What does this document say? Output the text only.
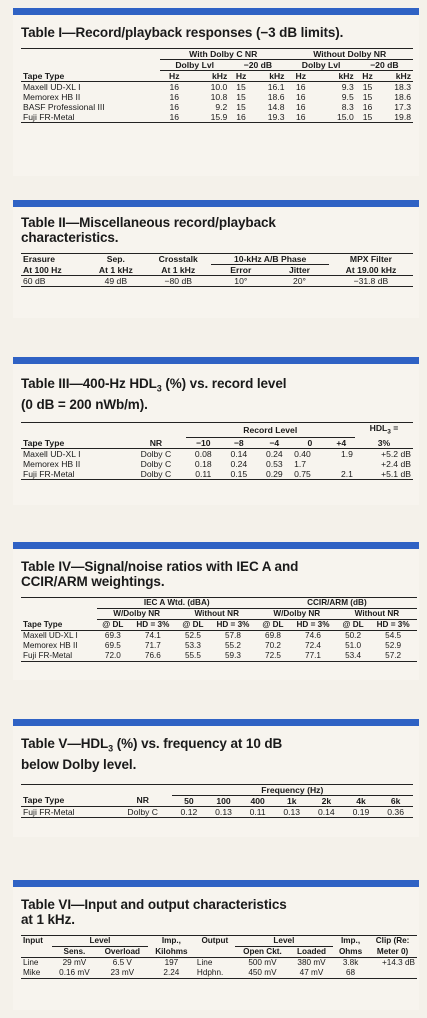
Table I—Record/playback responses (−3 dB limits).
	With Dolby C NR				Without Dolby NR			
	Dolby Lvl		−20 dB		Dolby Lvl		−20 dB	
Tape Type	Hz	kHz	Hz	kHz	Hz	kHz	Hz	kHz
Maxell UD-XL I	16	10.0	15	16.1	16	9.3	15	18.3
Memorex HB II	16	10.8	15	18.6	16	9.5	15	18.6
BASF Professional III	16	9.2	15	14.8	16	8.3	16	17.3
Fuji FR-Metal	16	15.9	16	19.3	16	15.0	15	19.8
Table II—Miscellaneous record/playback
characteristics.
Erasure	Sep.	Crosstalk	10-kHz A/B Phase		MPX Filter
At 100 Hz	At 1 kHz	At 1 kHz	Error	Jitter	At 19.00 kHz
60 dB	49 dB	−80 dB	10°	20°	−31.8 dB
Table III—400-Hz $HDL_3$ (%) vs. record level
(0 dB = 200 nWb/m).
		Record Level					$HDL_3$ =
Tape Type	NR	−10	−8	−4	0	+4	3%
Maxell UD-XL I	Dolby C	0.08	0.14	0.24	0.40	1.9	+5.2 dB
Memorex HB II	Dolby C	0.18	0.24	0.53	1.7		+2.4 dB
Fuji FR-Metal	Dolby C	0.11	0.15	0.29	0.75	2.1	+5.1 dB
Table IV—Signal/noise ratios with IEC A and
CCIR/ARM weightings.
	IEC A Wtd. (dBA)				CCIR/ARM (dB)			
	W/Dolby NR		Without NR		W/Dolby NR		Without NR	
Tape Type	@ DL	HD = 3%	@ DL	HD = 3%	@ DL	HD = 3%	@ DL	HD = 3%
Maxell UD-XL I	69.3	74.1	52.5	57.8	69.8	74.6	50.2	54.5
Memorex HB II	69.5	71.7	53.3	55.2	70.2	72.4	51.0	52.9
Fuji FR-Metal	72.0	76.6	55.5	59.3	72.5	77.1	53.4	57.2
Table $V—HDL_3$ (%) vs. frequency at 10 dB
below Dolby level.
		Frequency (Hz)						
Tape Type	NR	50	100	400	1k	2k	4k	6k
Fuji FR-Metal	Dolby C	0.12	0.13	0.11	0.13	0.14	0.19	0.36
Table VI—Input and output characteristics
at 1 kHz.
Input	Level		Imp.,	Output	Level		Imp.,	Clip (Re:
	Sens.	Overload	Kilohms		Open Ckt.	Loaded	Ohms	Meter 0)
Line	29 mV	6.5 V	197	Line	500 mV	380 mV	3.8k	+14.3 dB
Mike	0.16 mV	23 mV	2.24	Hdphn.	450 mV	47 mV	68	
